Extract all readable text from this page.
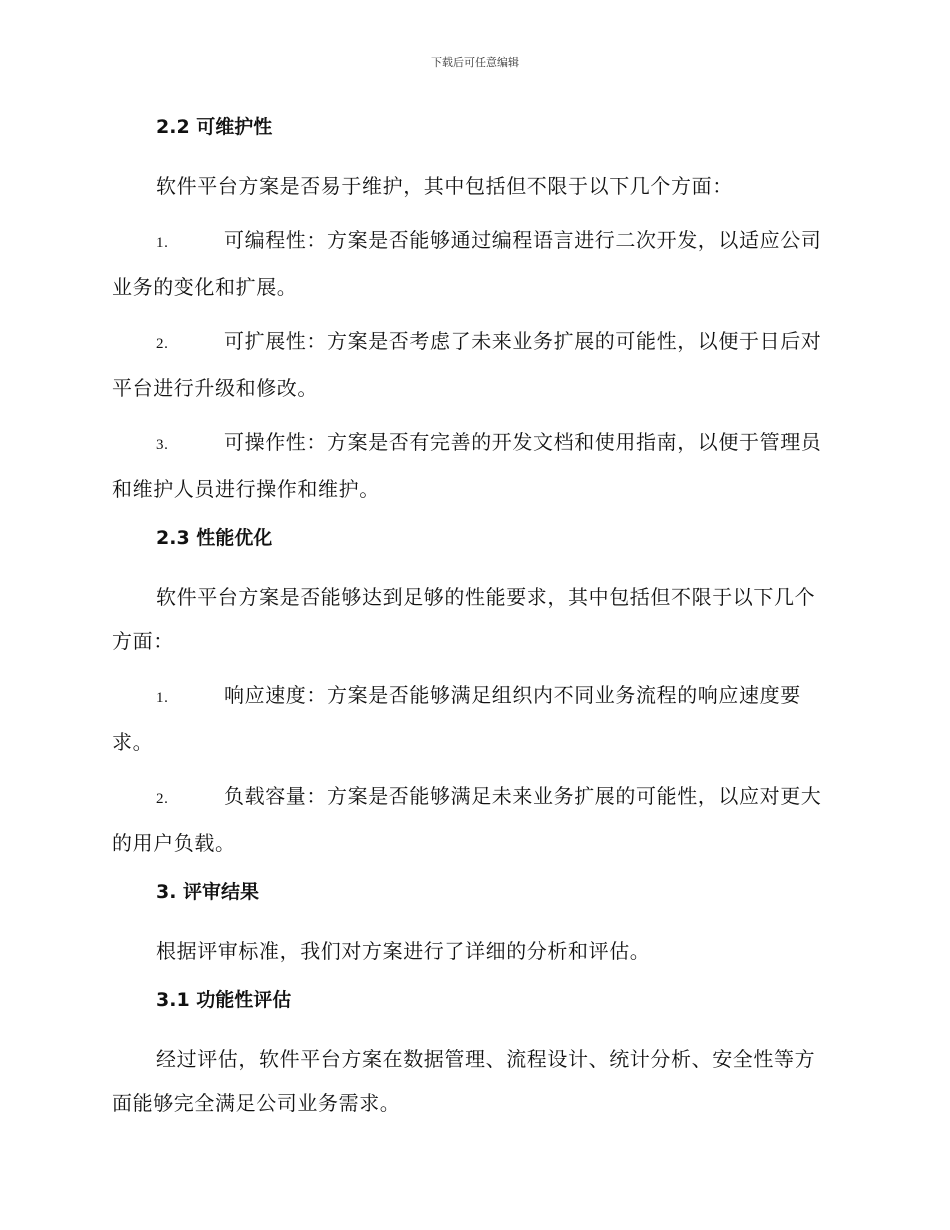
下载后可任意编辑
2.2 可维护性

软件平台方案是否易于维护，其中包括但不限于以下几个方面：

1.	可编程性：方案是否能够通过编程语言进行二次开发，以适应公司业务的变化和扩展。

2.	可扩展性：方案是否考虑了未来业务扩展的可能性，以便于日后对平台进行升级和修改。

3.	可操作性：方案是否有完善的开发文档和使用指南，以便于管理员和维护人员进行操作和维护。

2.3 性能优化

软件平台方案是否能够达到足够的性能要求，其中包括但不限于以下几个方面：

1.	响应速度：方案是否能够满足组织内不同业务流程的响应速度要求。

2.	负载容量：方案是否能够满足未来业务扩展的可能性，以应对更大的用户负载。

3. 评审结果

根据评审标准，我们对方案进行了详细的分析和评估。

3.1 功能性评估

经过评估，软件平台方案在数据管理、流程设计、统计分析、安全性等方面能够完全满足公司业务需求。
